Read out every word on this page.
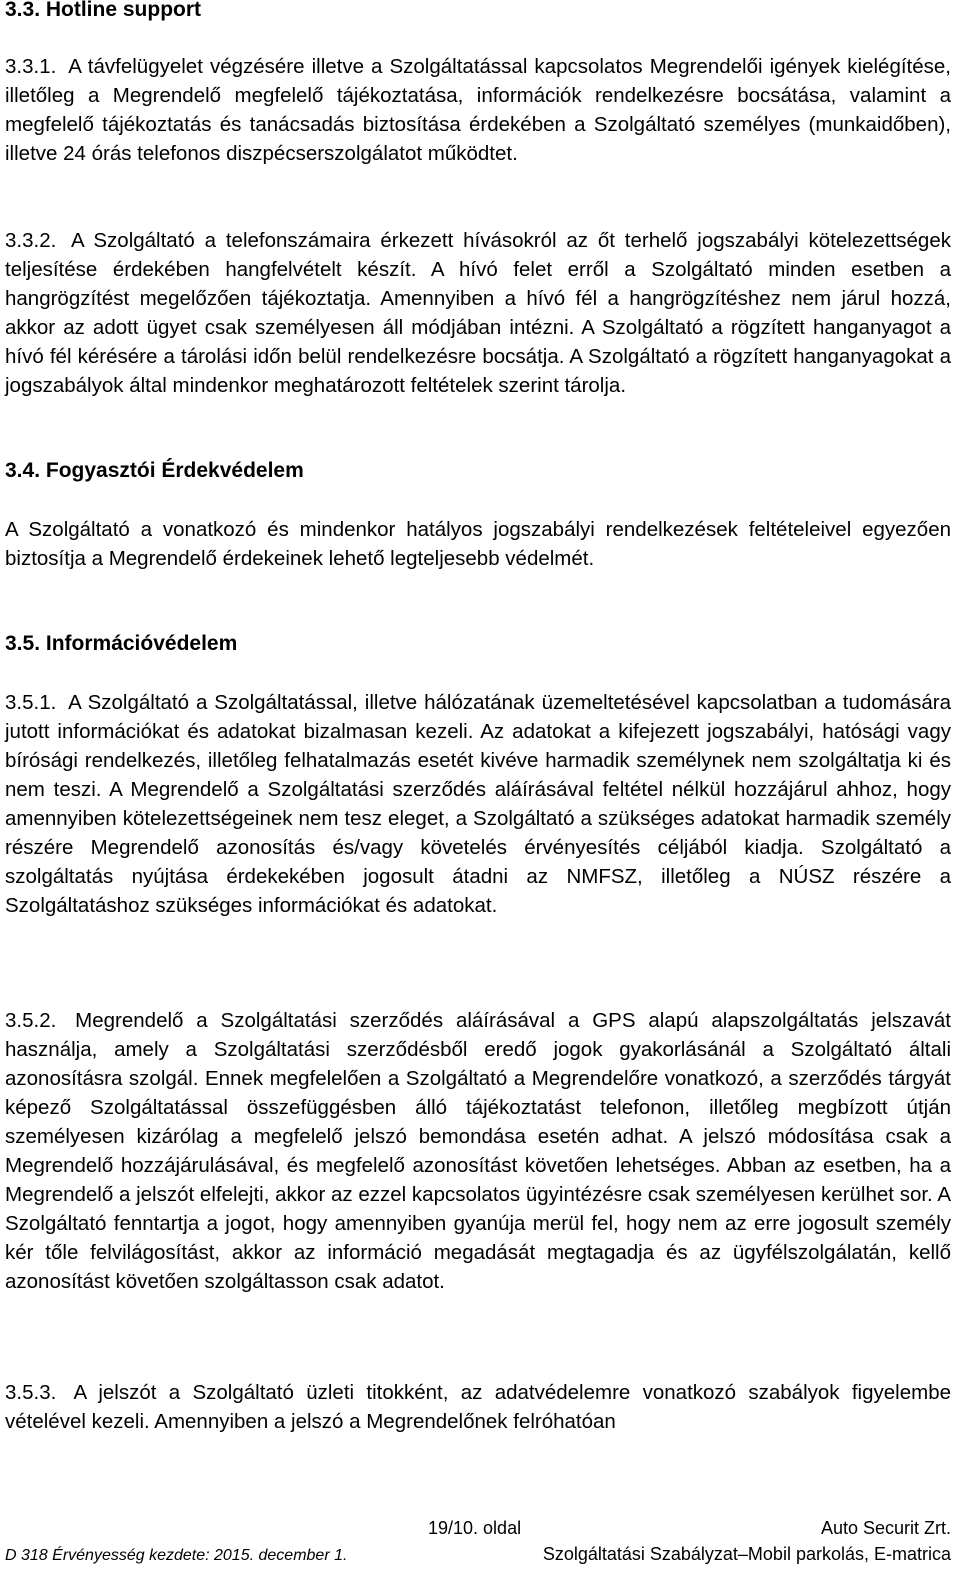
3.3. Hotline support

3.3.1. A távfelügyelet végzésére illetve a Szolgáltatással kapcsolatos Megrendelői igények kielégítése, illetőleg a Megrendelő megfelelő tájékoztatása, információk rendelkezésre bocsátása, valamint a megfelelő tájékoztatás és tanácsadás biztosítása érdekében a Szolgáltató személyes (munkaidőben), illetve 24 órás telefonos diszpécserszolgálatot működtet.

3.3.2. A Szolgáltató a telefonszámaira érkezett hívásokról az őt terhelő jogszabályi kötelezettségek teljesítése érdekében hangfelvételt készít. A hívó felet erről a Szolgáltató minden esetben a hangrögzítést megelőzően tájékoztatja. Amennyiben a hívó fél a hangrögzítéshez nem járul hozzá, akkor az adott ügyet csak személyesen áll módjában intézni. A Szolgáltató a rögzített hanganyagot a hívó fél kérésére a tárolási időn belül rendelkezésre bocsátja. A Szolgáltató a rögzített hanganyagokat a jogszabályok által mindenkor meghatározott feltételek szerint tárolja.

3.4. Fogyasztói Érdekvédelem

A Szolgáltató a vonatkozó és mindenkor hatályos jogszabályi rendelkezések feltételeivel egyezően biztosítja a Megrendelő érdekeinek lehető legteljesebb védelmét.

3.5. Információvédelem

3.5.1. A Szolgáltató a Szolgáltatással, illetve hálózatának üzemeltetésével kapcsolatban a tudomására jutott információkat és adatokat bizalmasan kezeli. Az adatokat a kifejezett jogszabályi, hatósági vagy bírósági rendelkezés, illetőleg felhatalmazás esetét kivéve harmadik személynek nem szolgáltatja ki és nem teszi. A Megrendelő a Szolgáltatási szerződés aláírásával feltétel nélkül hozzájárul ahhoz, hogy amennyiben kötelezettségeinek nem tesz eleget, a Szolgáltató a szükséges adatokat harmadik személy részére Megrendelő azonosítás és/vagy követelés érvényesítés céljából kiadja. Szolgáltató a szolgáltatás nyújtása érdekekében jogosult átadni az NMFSZ, illetőleg a NÚSZ részére a Szolgáltatáshoz szükséges információkat és adatokat.

3.5.2. Megrendelő a Szolgáltatási szerződés aláírásával a GPS alapú alapszolgáltatás jelszavát használja, amely a Szolgáltatási szerződésből eredő jogok gyakorlásánál a Szolgáltató általi azonosításra szolgál. Ennek megfelelően a Szolgáltató a Megrendelőre vonatkozó, a szerződés tárgyát képező Szolgáltatással összefüggésben álló tájékoztatást telefonon, illetőleg megbízott útján személyesen kizárólag a megfelelő jelszó bemondása esetén adhat. A jelszó módosítása csak a Megrendelő hozzájárulásával, és megfelelő azonosítást követően lehetséges. Abban az esetben, ha a Megrendelő a jelszót elfelejti, akkor az ezzel kapcsolatos ügyintézésre csak személyesen kerülhet sor. A Szolgáltató fenntartja a jogot, hogy amennyiben gyanúja merül fel, hogy nem az erre jogosult személy kér tőle felvilágosítást, akkor az információ megadását megtagadja és az ügyfélszolgálatán, kellő azonosítást követően szolgáltasson csak adatot.

3.5.3. A jelszót a Szolgáltató üzleti titokként, az adatvédelemre vonatkozó szabályok figyelembe vételével kezeli. Amennyiben a jelszó a Megrendelőnek felróhatóan

19/10. oldal	Auto Securit Zrt.
D 318 Érvényesség kezdete: 2015. december 1.	Szolgáltatási Szabályzat–Mobil parkolás, E-matrica
